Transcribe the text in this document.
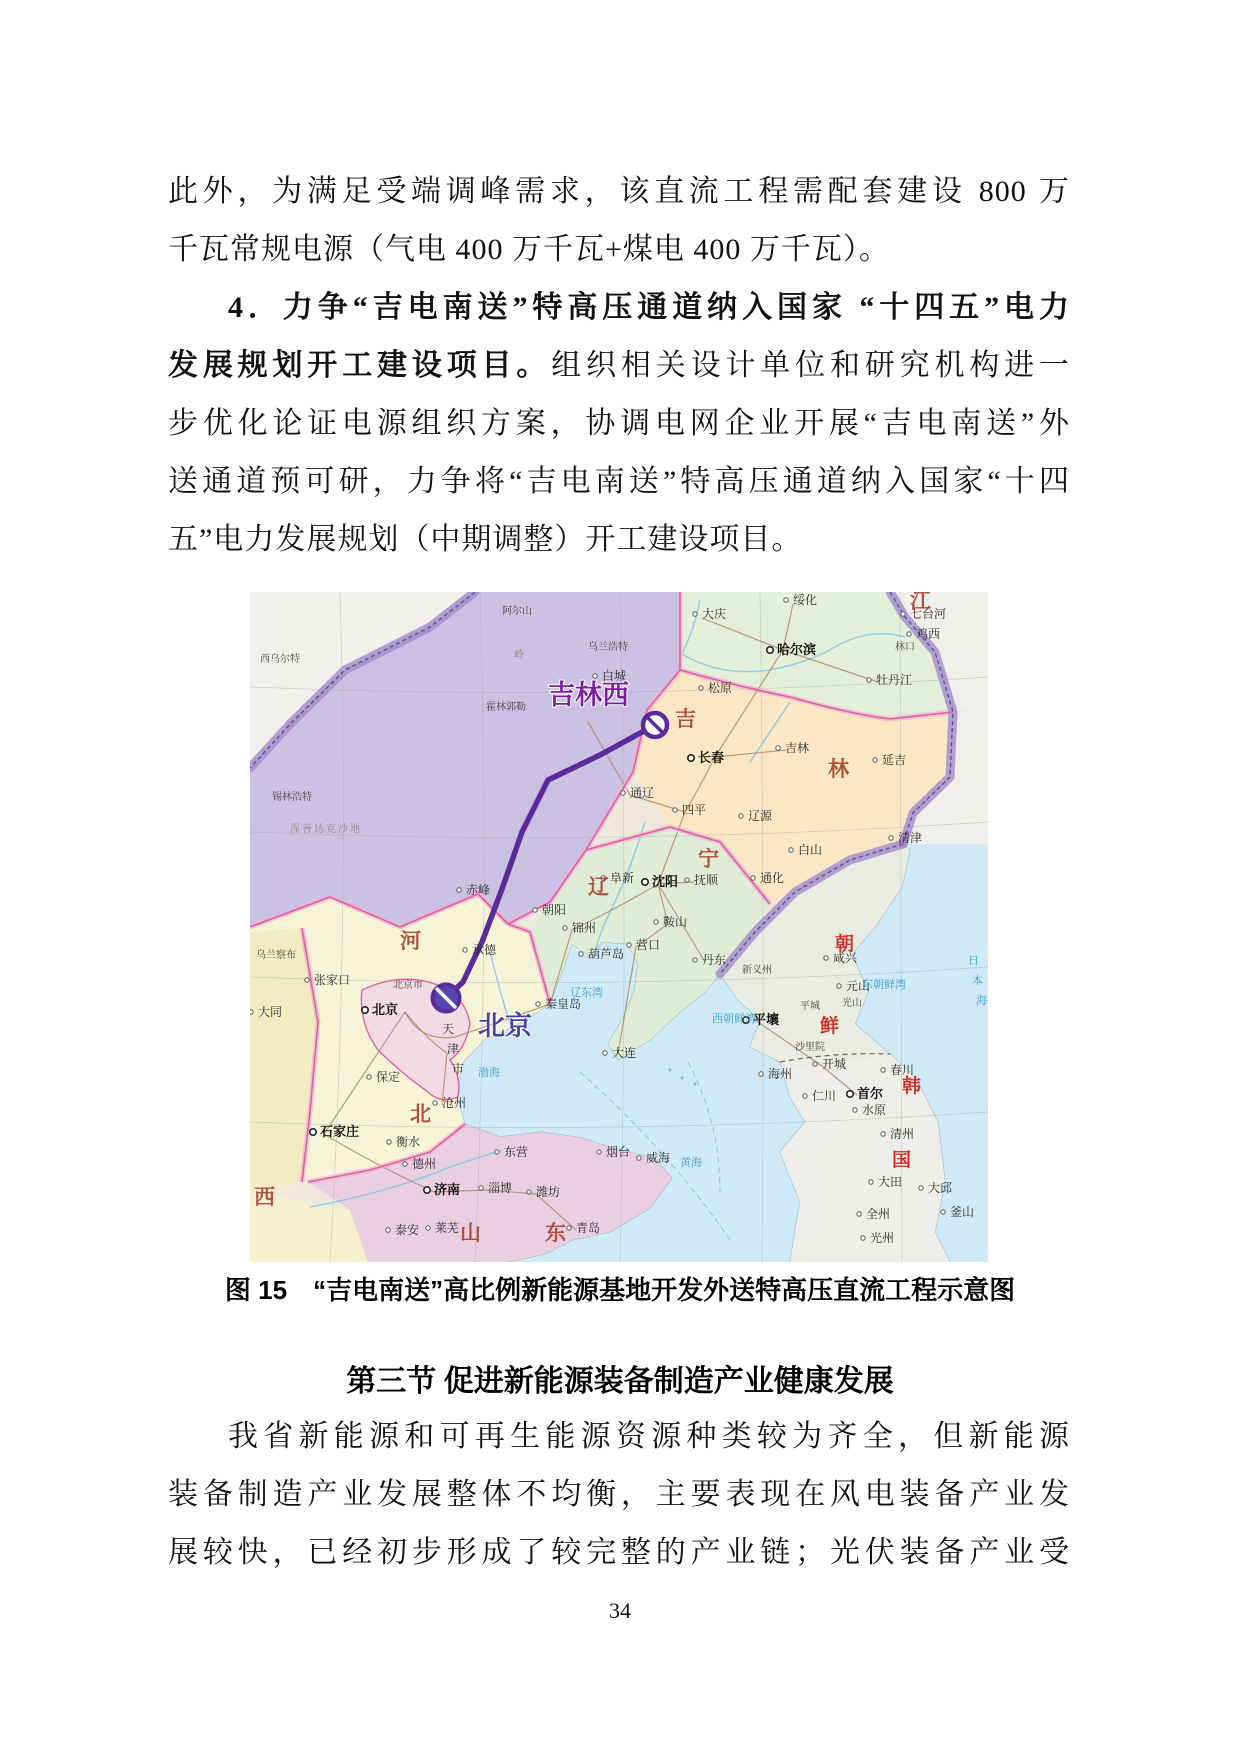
此外，为满足受端调峰需求，该直流工程需配套建设 800 万
千瓦常规电源（气电 400 万千瓦+煤电 400 万千瓦）。
4．力争“吉电南送”特高压通道纳入国家 “十四五”电力
发展规划开工建设项目。组织相关设计单位和研究机构进一
步优化论证电源组织方案，协调电网企业开展“吉电南送”外
送通道预可研，力争将“吉电南送”特高压通道纳入国家“十四
五”电力发展规划（中期调整）开工建设项目。
大庆
绥化
七台河
鸡西
林口
牡丹江
哈尔滨
阿尔山
乌兰浩特
白城
松原
长春
吉林
延吉
四平	辽源
白山
通化
通辽
赤峰
霍林郭勒
锡林浩特
西乌尔特
浑善达克沙地
乌兰察布
张家口
承德
大同
朝阳
阜新 沈阳 抚顺
鞍山
锦州
葫芦岛
营口
丹东
新义州
大连
秦皇岛
北京市
北京
天
津
市
保定
沧州
石家庄
衡水
德州
东营
济南 淄博 潍坊
烟台 威海
青岛
泰安 莱芜
清津
咸兴
元山
平城
平壤
光山
沙里院
海州
开城
仁川 首尔
水原
春川
清州
大田
全州
大邱
光州
釜山
江
吉
林
辽
宁
河
北
山	东
西
岭
朝
鲜
韩
国
渤海
辽东湾
黄海
西朝鲜湾
东朝鲜湾
日
本
海
吉林西
北京
图 15　“吉电南送”高比例新能源基地开发外送特高压直流工程示意图
第三节 促进新能源装备制造产业健康发展
我省新能源和可再生能源资源种类较为齐全，但新能源
装备制造产业发展整体不均衡，主要表现在风电装备产业发
展较快，已经初步形成了较完整的产业链；光伏装备产业受
34
